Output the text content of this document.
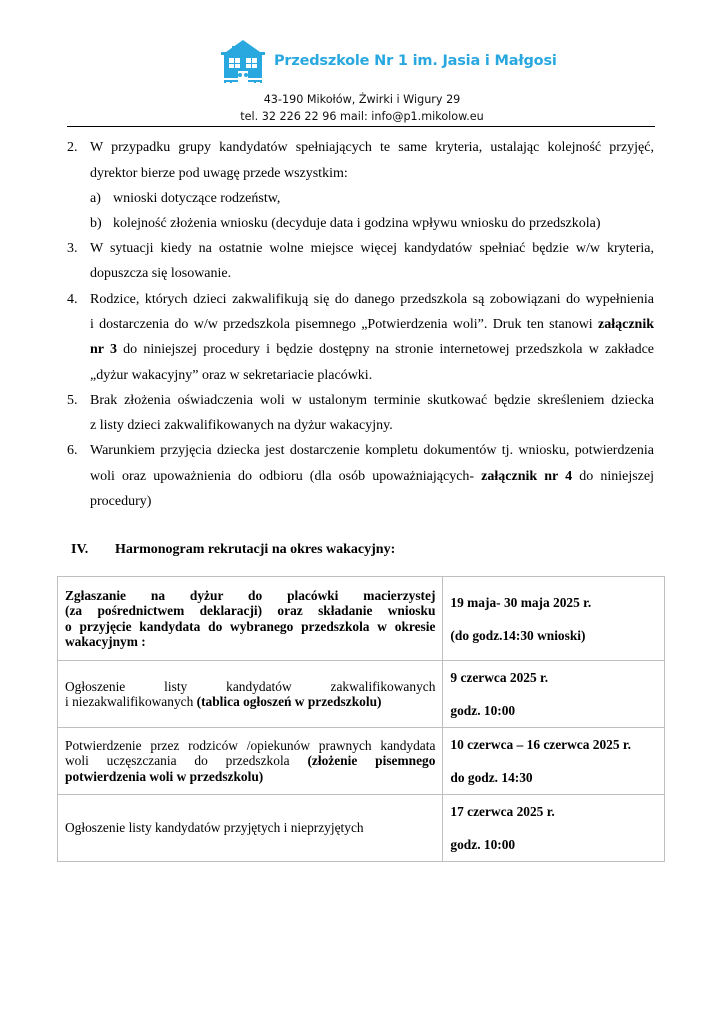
Przedszkole Nr 1 im. Jasia i Małgosi
43-190 Mikołów, Żwirki i Wigury 29
tel. 32 226 22 96 mail: info@p1.mikolow.eu
2. W przypadku grupy kandydatów spełniających te same kryteria, ustalając kolejność przyjęć,
dyrektor bierze pod uwagę przede wszystkim:
a) wnioski dotyczące rodzeństw,
b) kolejność złożenia wniosku (decyduje data i godzina wpływu wniosku do przedszkola)
3. W sytuacji kiedy na ostatnie wolne miejsce więcej kandydatów spełniać będzie w/w kryteria,
dopuszcza się losowanie.
4. Rodzice, których dzieci zakwalifikują się do danego przedszkola są zobowiązani do wypełnienia
i dostarczenia do w/w przedszkola pisemnego „Potwierdzenia woli”. Druk ten stanowi załącznik
nr 3 do niniejszej procedury i będzie dostępny na stronie internetowej przedszkola w zakładce
„dyżur wakacyjny” oraz w sekretariacie placówki.
5. Brak złożenia oświadczenia woli w ustalonym terminie skutkować będzie skreśleniem dziecka
z listy dzieci zakwalifikowanych na dyżur wakacyjny.
6. Warunkiem przyjęcia dziecka jest dostarczenie kompletu dokumentów tj. wniosku, potwierdzenia
woli oraz upoważnienia do odbioru (dla osób upoważniających- załącznik nr 4 do niniejszej
procedury)
IV. Harmonogram rekrutacji na okres wakacyjny:
Zgłaszanie na dyżur do placówki macierzystej
(za pośrednictwem deklaracji) oraz składanie wniosku
o przyjęcie kandydata do wybranego przedszkola w okresie
wakacyjnym :	19 maja- 30 maja 2025 r.
(do godz.14:30 wnioski)

Ogłoszenie listy kandydatów zakwalifikowanych
i niezakwalifikowanych (tablica ogłoszeń w przedszkolu)	9 czerwca 2025 r.
godz. 10:00

Potwierdzenie przez rodziców /opiekunów prawnych kandydata
woli uczęszczania do przedszkola (złożenie pisemnego
potwierdzenia woli w przedszkolu)	10 czerwca – 16 czerwca 2025 r.
do godz. 14:30

Ogłoszenie listy kandydatów przyjętych i nieprzyjętych	17 czerwca 2025 r.
godz. 10:00
